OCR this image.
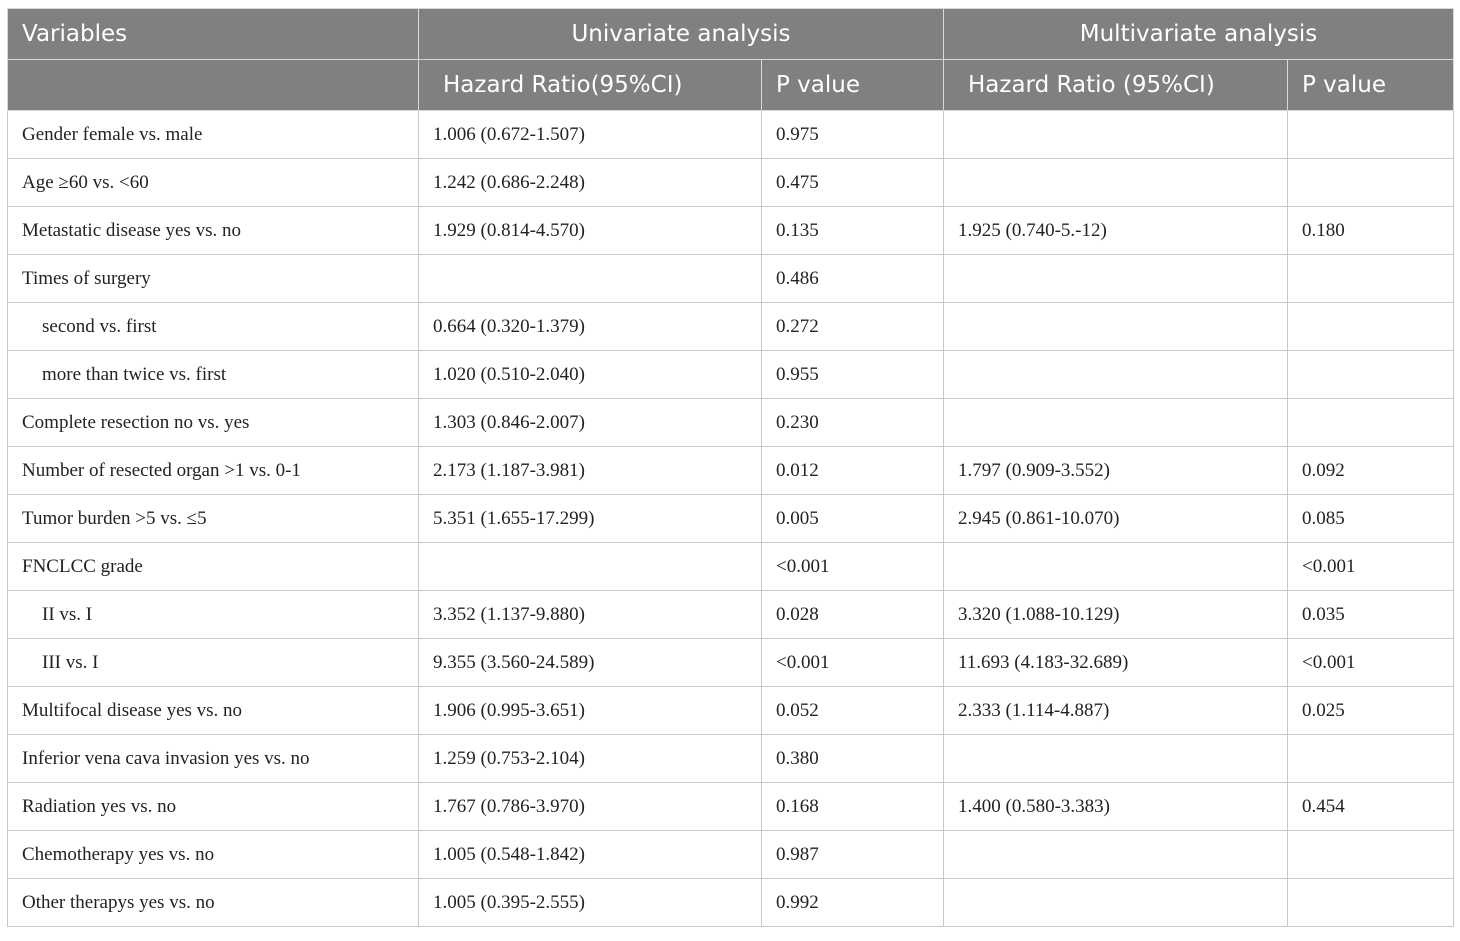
Variables	Univariate analysis		Multivariate analysis	
	Hazard Ratio(95%CI)	P value	Hazard Ratio (95%CI)	P value
Gender female vs. male	1.006 (0.672-1.507)	0.975		
Age ≥60 vs. <60	1.242 (0.686-2.248)	0.475		
Metastatic disease yes vs. no	1.929 (0.814-4.570)	0.135	1.925 (0.740-5.-12)	0.180
Times of surgery		0.486		
second vs. first	0.664 (0.320-1.379)	0.272		
more than twice vs. first	1.020 (0.510-2.040)	0.955		
Complete resection no vs. yes	1.303 (0.846-2.007)	0.230		
Number of resected organ >1 vs. 0-1	2.173 (1.187-3.981)	0.012	1.797 (0.909-3.552)	0.092
Tumor burden >5 vs. ≤5	5.351 (1.655-17.299)	0.005	2.945 (0.861-10.070)	0.085
FNCLCC grade		<0.001		<0.001
II vs. I	3.352 (1.137-9.880)	0.028	3.320 (1.088-10.129)	0.035
III vs. I	9.355 (3.560-24.589)	<0.001	11.693 (4.183-32.689)	<0.001
Multifocal disease yes vs. no	1.906 (0.995-3.651)	0.052	2.333 (1.114-4.887)	0.025
Inferior vena cava invasion yes vs. no	1.259 (0.753-2.104)	0.380		
Radiation yes vs. no	1.767 (0.786-3.970)	0.168	1.400 (0.580-3.383)	0.454
Chemotherapy yes vs. no	1.005 (0.548-1.842)	0.987		
Other therapys yes vs. no	1.005 (0.395-2.555)	0.992		
